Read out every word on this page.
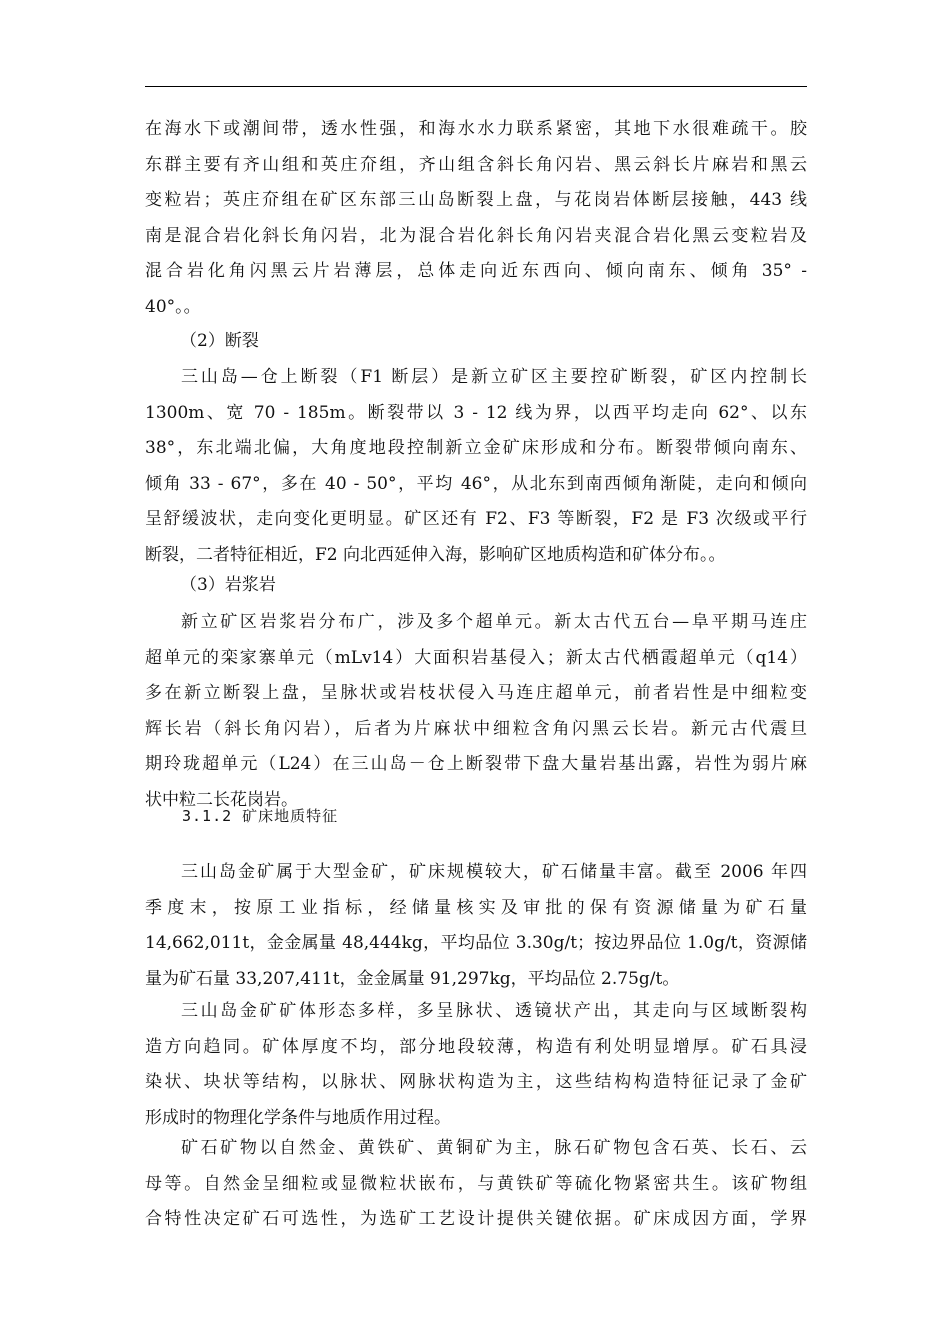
在海水下或潮间带，透水性强，和海水水力联系紧密，其地下水很难疏干。胶
东群主要有齐山组和英庄夼组，齐山组含斜长角闪岩、黑云斜长片麻岩和黑云
变粒岩；英庄夼组在矿区东部三山岛断裂上盘，与花岗岩体断层接触，443 线
南是混合岩化斜长角闪岩，北为混合岩化斜长角闪岩夹混合岩化黑云变粒岩及
混合岩化角闪黑云片岩薄层，总体走向近东西向、倾向南东、倾角 35° -
40°。。
（2）断裂
三山岛—仓上断裂（F1 断层）是新立矿区主要控矿断裂，矿区内控制长
1300m、宽 70 - 185m。断裂带以 3 - 12 线为界，以西平均走向 62°、以东
38°，东北端北偏，大角度地段控制新立金矿床形成和分布。断裂带倾向南东、
倾角 33 - 67°，多在 40 - 50°，平均 46°，从北东到南西倾角渐陡，走向和倾向
呈舒缓波状，走向变化更明显。矿区还有 F2、F3 等断裂，F2 是 F3 次级或平行
断裂，二者特征相近，F2 向北西延伸入海，影响矿区地质构造和矿体分布。。
（3）岩浆岩
新立矿区岩浆岩分布广，涉及多个超单元。新太古代五台—阜平期马连庄
超单元的栾家寨单元（mLv14）大面积岩基侵入；新太古代栖霞超单元（q14）
多在新立断裂上盘，呈脉状或岩枝状侵入马连庄超单元，前者岩性是中细粒变
辉长岩（斜长角闪岩），后者为片麻状中细粒含角闪黑云长岩。新元古代震旦
期玲珑超单元（L24）在三山岛－仓上断裂带下盘大量岩基出露，岩性为弱片麻
状中粒二长花岗岩。
3.1.2 矿床地质特征
三山岛金矿属于大型金矿，矿床规模较大，矿石储量丰富。截至 2006 年四
季度末，按原工业指标，经储量核实及审批的保有资源储量为矿石量
14,662,011t，金金属量 48,444kg，平均品位 3.30g/t；按边界品位 1.0g/t，资源储
量为矿石量 33,207,411t，金金属量 91,297kg，平均品位 2.75g/t。
三山岛金矿矿体形态多样，多呈脉状、透镜状产出，其走向与区域断裂构
造方向趋同。矿体厚度不均，部分地段较薄，构造有利处明显增厚。矿石具浸
染状、块状等结构，以脉状、网脉状构造为主，这些结构构造特征记录了金矿
形成时的物理化学条件与地质作用过程。
矿石矿物以自然金、黄铁矿、黄铜矿为主，脉石矿物包含石英、长石、云
母等。自然金呈细粒或显微粒状嵌布，与黄铁矿等硫化物紧密共生。该矿物组
合特性决定矿石可选性，为选矿工艺设计提供关键依据。矿床成因方面，学界
